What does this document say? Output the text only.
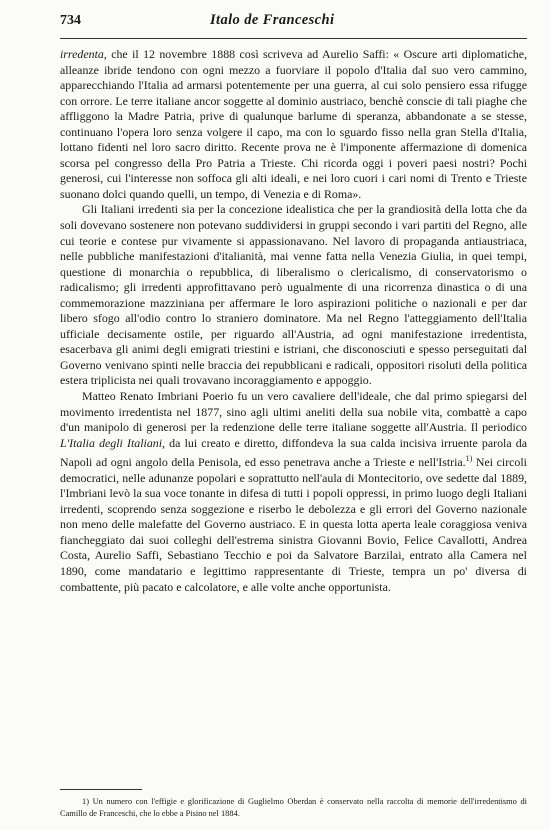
734	Italo de Franceschi

irredenta, che il 12 novembre 1888 così scriveva ad Aurelio Saffi: « Oscure arti diplomatiche, alleanze ibride tendono con ogni mezzo a fuorviare il popolo d'Italia dal suo vero cammino, apparecchiando l'Italia ad armarsi potentemente per una guerra, al cui solo pensiero essa rifugge con orrore. Le terre italiane ancor soggette al dominio austriaco, benchè conscie di tali piaghe che affliggono la Madre Patria, prive di qualunque barlume di speranza, abbandonate a se stesse, continuano l'opera loro senza volgere il capo, ma con lo sguardo fisso nella gran Stella d'Italia, lottano fidenti nel loro sacro diritto. Recente prova ne è l'imponente affermazione di domenica scorsa pel congresso della Pro Patria a Trieste. Chi ricorda oggi i poveri paesi nostri? Pochi generosi, cui l'interesse non soffoca gli alti ideali, e nei loro cuori i cari nomi di Trento e Trieste suonano dolci quando quelli, un tempo, di Venezia e di Roma».

Gli Italiani irredenti sia per la concezione idealistica che per la grandiosità della lotta che da soli dovevano sostenere non potevano suddividersi in gruppi secondo i vari partiti del Regno, alle cui teorie e contese pur vivamente si appassionavano. Nel lavoro di propaganda antiaustriaca, nelle pubbliche manifestazioni d'italianità, mai venne fatta nella Venezia Giulia, in quei tempi, questione di monarchia o repubblica, di liberalismo o clericalismo, di conservatorismo o radicalismo; gli irredenti approfittavano però ugualmente di una ricorrenza dinastica o di una commemorazione mazziniana per affermare le loro aspirazioni politiche o nazionali e per dar libero sfogo all'odio contro lo straniero dominatore. Ma nel Regno l'atteggiamento dell'Italia ufficiale decisamente ostile, per riguardo all'Austria, ad ogni manifestazione irredentista, esacerbava gli animi degli emigrati triestini e istriani, che disconosciuti e spesso perseguitati dal Governo venivano spinti nelle braccia dei repubblicani e radicali, oppositori risoluti della politica estera triplicista nei quali trovavano incoraggiamento e appoggio.

Matteo Renato Imbriani Poerio fu un vero cavaliere dell'ideale, che dal primo spiegarsi del movimento irredentista nel 1877, sino agli ultimi aneliti della sua nobile vita, combattè a capo d'un manipolo di generosi per la redenzione delle terre italiane soggette all'Austria. Il periodico L'Italia degli Italiani, da lui creato e diretto, diffondeva la sua calda incisiva irruente parola da Napoli ad ogni angolo della Penisola, ed esso penetrava anche a Trieste e nell'Istria.$^{1)}$ Nei circoli democratici, nelle adunanze popolari e soprattutto nell'aula di Montecitorio, ove sedette dal 1889, l'Imbriani levò la sua voce tonante in difesa di tutti i popoli oppressi, in primo luogo degli Italiani irredenti, scoprendo senza soggezione e riserbo le debolezza e gli errori del Governo nazionale non meno delle malefatte del Governo austriaco. E in questa lotta aperta leale coraggiosa veniva fiancheggiato dai suoi colleghi dell'estrema sinistra Giovanni Bovio, Felice Cavallotti, Andrea Costa, Aurelio Saffi, Sebastiano Tecchio e poi da Salvatore Barzilai, entrato alla Camera nel 1890, come mandatario e legittimo rappresentante di Trieste, tempra un po' diversa di combattente, più pacato e calcolatore, e alle volte anche opportunista.

1) Un numero con l'effigie e glorificazione di Guglielmo Oberdan è conservato nella raccolta di memorie dell'irredentismo di Camillo de Franceschi, che lo ebbe a Pisino nel 1884.
